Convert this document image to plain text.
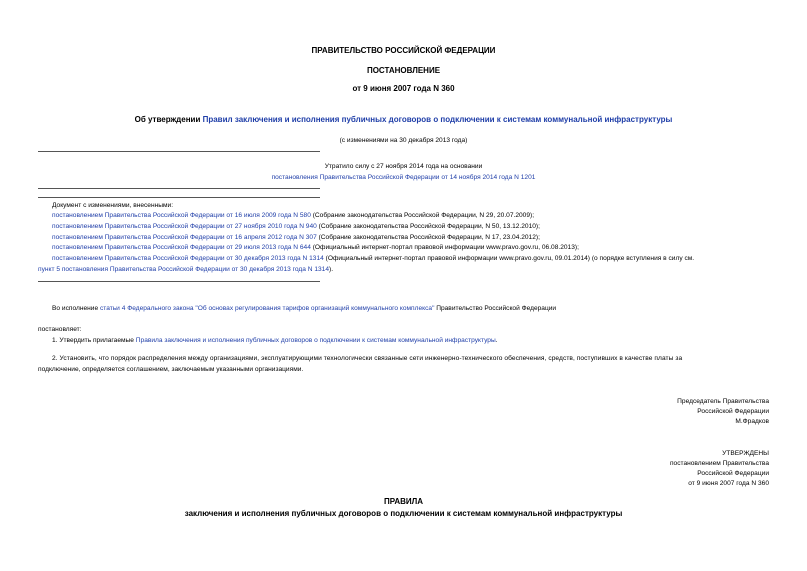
ПРАВИТЕЛЬСТВО РОССИЙСКОЙ ФЕДЕРАЦИИ
ПОСТАНОВЛЕНИЕ
от 9 июня 2007 года N 360
Об утверждении Правил заключения и исполнения публичных договоров о подключении к системам коммунальной инфраструктуры
(с изменениями на 30 декабря 2013 года)
Утратило силу с 27 ноября 2014 года на основании
постановления Правительства Российской Федерации от 14 ноября 2014 года N 1201
Документ с изменениями, внесенными:
постановлением Правительства Российской Федерации от 16 июля 2009 года N 580 (Собрание законодательства Российской Федерации, N 29, 20.07.2009);
постановлением Правительства Российской Федерации от 27 ноября 2010 года N 940 (Собрание законодательства Российской Федерации, N 50, 13.12.2010);
постановлением Правительства Российской Федерации от 16 апреля 2012 года N 307 (Собрание законодательства Российской Федерации, N 17, 23.04.2012);
постановлением Правительства Российской Федерации от 29 июля 2013 года N 644 (Официальный интернет-портал правовой информации www.pravo.gov.ru, 06.08.2013);
постановлением Правительства Российской Федерации от 30 декабря 2013 года N 1314 (Официальный интернет-портал правовой информации www.pravo.gov.ru, 09.01.2014) (о порядке вступления в силу см.
пункт 5 постановления Правительства Российской Федерации от 30 декабря 2013 года N 1314).
Во исполнение статьи 4 Федерального закона "Об основах регулирования тарифов организаций коммунального комплекса" Правительство Российской Федерации
постановляет:
1. Утвердить прилагаемые Правила заключения и исполнения публичных договоров о подключении к системам коммунальной инфраструктуры.
2. Установить, что порядок распределения между организациями, эксплуатирующими технологически связанные сети инженерно-технического обеспечения, средств, поступивших в качестве платы за
подключение, определяется соглашением, заключаемым указанными организациями.
Председатель Правительства
Российской Федерации
М.Фрадков
УТВЕРЖДЕНЫ
постановлением Правительства
Российской Федерации
от 9 июня 2007 года N 360
ПРАВИЛА
заключения и исполнения публичных договоров о подключении к системам коммунальной инфраструктуры
